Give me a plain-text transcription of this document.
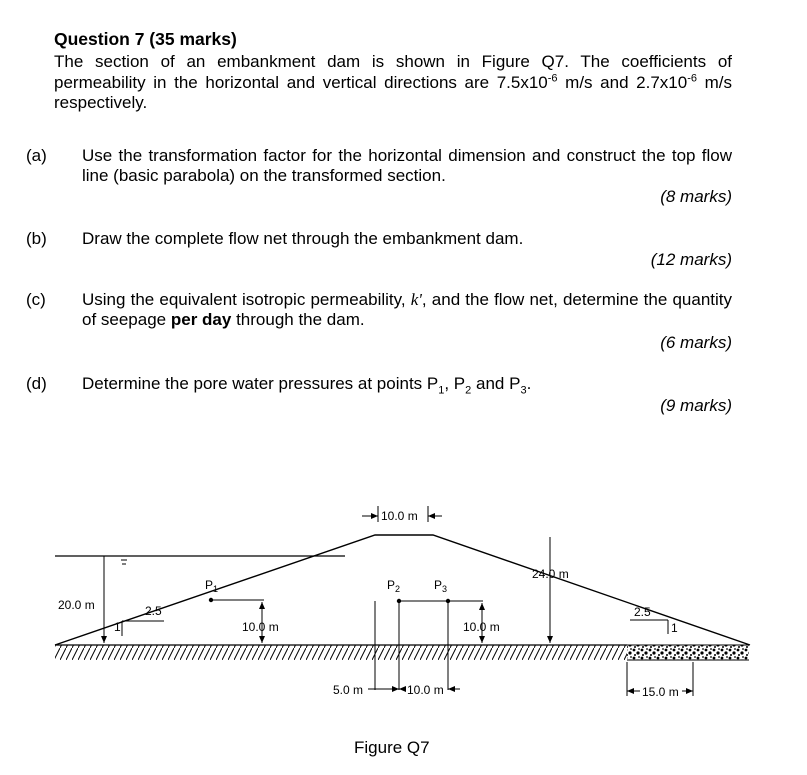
Question 7 (35 marks)
The section of an embankment dam is shown in Figure Q7. The coefficients of permeability in the horizontal and vertical directions are $7.5x10^{-6}$ m/s and $2.7x10^{-6}$ m/s respectively.
(a) Use the transformation factor for the horizontal dimension and construct the top flow line (basic parabola) on the transformed section.
(8 marks)
(b) Draw the complete flow net through the embankment dam.
(12 marks)
(c) Using the equivalent isotropic permeability, k', and the flow net, determine the quantity of seepage per day through the dam.
(6 marks)
(d) Determine the pore water pressures at points $P_1$, $P_2$ and $P_3$.
(9 marks)
20.0 m
10.0 m
24.0 m
2.5
1
2.5
1
$P_1$
10.0 m
$P_2$	$P_3$
10.0 m
5.0 m	10.0 m	15.0 m
Figure Q7
